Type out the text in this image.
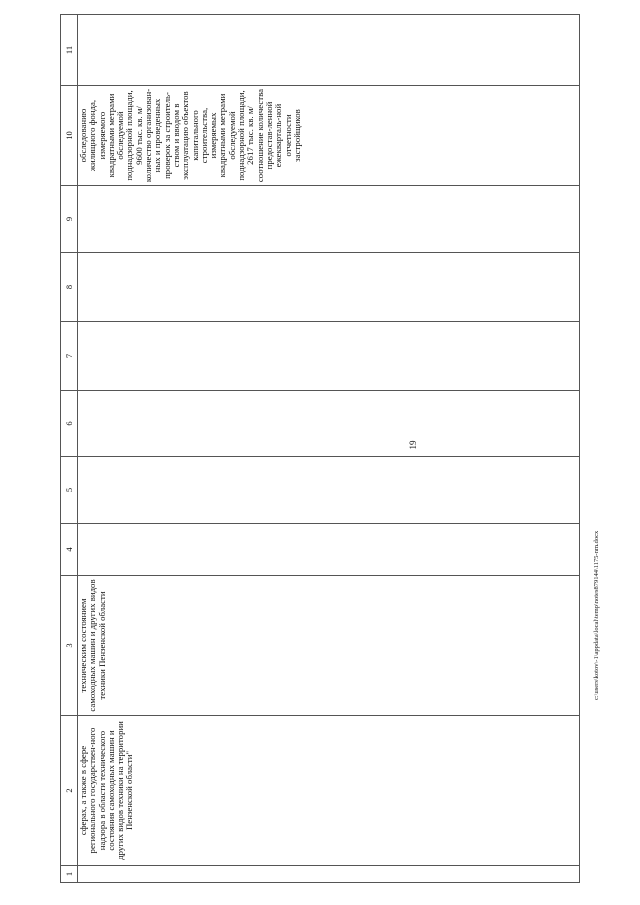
19
1	2	3	4	5	6	7	8	9	10	11
	сферах, а также в сфере регионального государствен-ного надзора в области технического состояния самоходных машин и других видов техники на территории Пензенской области"	техническим состоянием самоходных машин и других видов техники Пензенской области							обследованию жилищного фонда, измеряемого квадратными метрами обследуемой поднадзорной площади, 9600 тыс. кв. м/ количество организован-ных и проведенных проверок за строитель-ством и вводом в эксплуатацию объектов капитального строительства, измеряемых квадратными метрами обследуемой поднадзорной площади, 2617 тыс. кв. м/ соотношение количества предостав-ленной ежекварталь-ной отчетности застройщиков	
c:\users\kotov\-1\appdata\local\temp\notes879144\1175-nm.docx
